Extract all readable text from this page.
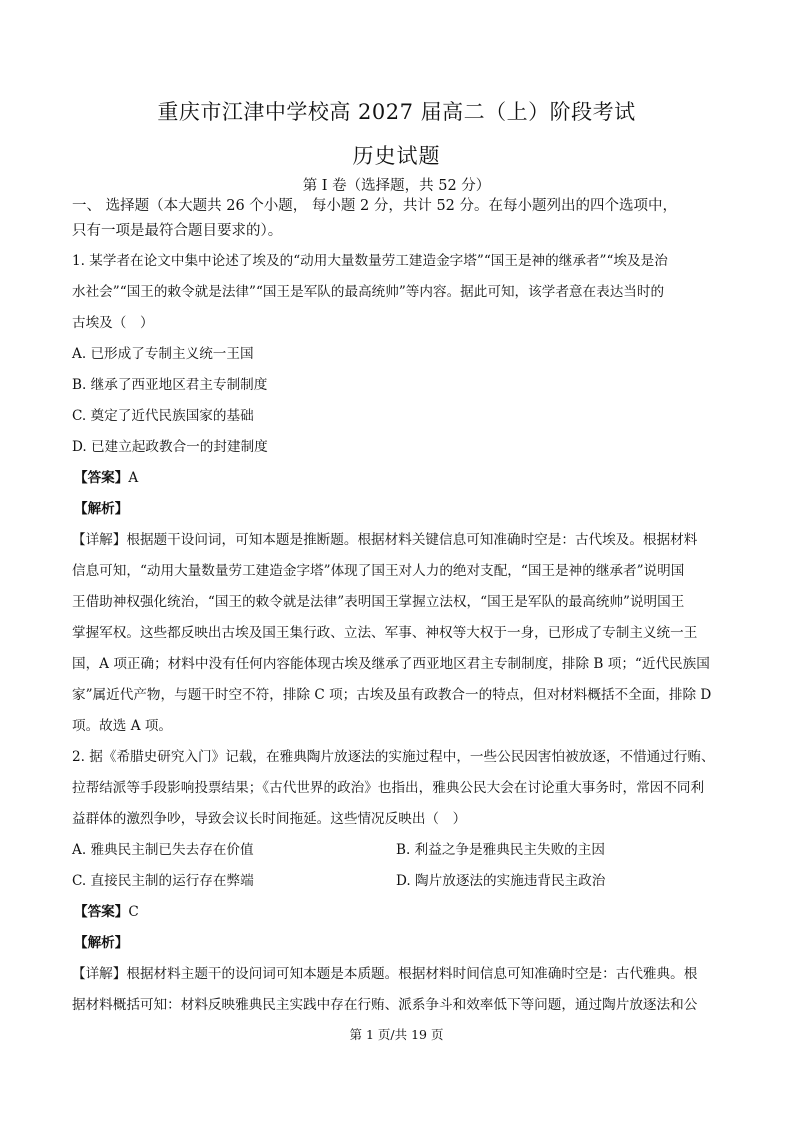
重庆市江津中学校高 2027 届高二（上）阶段考试
历史试题
第 I 卷（选择题，共 52 分）

一、 选择题（本大题共 26 个小题， 每小题 2 分，共计 52 分。在每小题列出的四个选项中，

只有一项是最符合题目要求的）。

1. 某学者在论文中集中论述了埃及的“动用大量数量劳工建造金字塔”“国王是神的继承者”“埃及是治

水社会”“国王的敕令就是法律”“国王是军队的最高统帅”等内容。据此可知，该学者意在表达当时的

古埃及（　）

A. 已形成了专制主义统一王国

B. 继承了西亚地区君主专制制度

C. 奠定了近代民族国家的基础

D. 已建立起政教合一的封建制度

【答案】A

【解析】

【详解】根据题干设问词，可知本题是推断题。根据材料关键信息可知准确时空是：古代埃及。根据材料

信息可知，“动用大量数量劳工建造金字塔”体现了国王对人力的绝对支配，“国王是神的继承者”说明国

王借助神权强化统治，“国王的敕令就是法律”表明国王掌握立法权，“国王是军队的最高统帅”说明国王

掌握军权。这些都反映出古埃及国王集行政、立法、军事、神权等大权于一身，已形成了专制主义统一王

国，A 项正确；材料中没有任何内容能体现古埃及继承了西亚地区君主专制制度，排除 B 项；“近代民族国

家”属近代产物，与题干时空不符，排除 C 项；古埃及虽有政教合一的特点，但对材料概括不全面，排除 D

项。故选 A 项。

2. 据《希腊史研究入门》记载，在雅典陶片放逐法的实施过程中，一些公民因害怕被放逐，不惜通过行贿、

拉帮结派等手段影响投票结果；《古代世界的政治》也指出，雅典公民大会在讨论重大事务时，常因不同利

益群体的激烈争吵，导致会议长时间拖延。这些情况反映出（　）

A. 雅典民主制已失去存在价值	B. 利益之争是雅典民主失败的主因

C. 直接民主制的运行存在弊端	D. 陶片放逐法的实施违背民主政治

【答案】C

【解析】

【详解】根据材料主题干的设问词可知本题是本质题。根据材料时间信息可知准确时空是：古代雅典。根

据材料概括可知：材料反映雅典民主实践中存在行贿、派系争斗和效率低下等问题，通过陶片放逐法和公

第 1 页/共 19 页
